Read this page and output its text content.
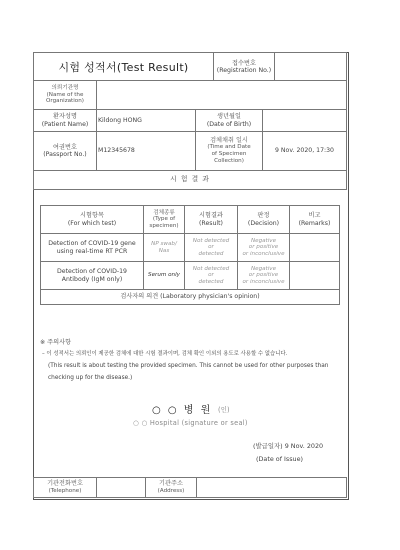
시험 성적서(Test Result)	접수번호
(Registration No.)
의뢰기관명
(Name of the
Organization)
환자성명
(Patient Name)
Kildong HONG
생년월일
(Date of Birth)
여권번호
(Passport No.)
M12345678
검체채취 일시
(Time and Date
of Specimen
Collection)
9 Nov. 2020, 17:30
시 험 결 과
시험항목
(For which test)
검체종류
(Type of
specimen)
시험결과
(Result)
판정
(Decision)
비고
(Remarks)
Detection of COVID-19 gene
using real-time RT PCR
NP swab/
Nas
Not detected
or
detected
Negative
or positive
or inconclusive
Detection of COVID-19
Antibody (IgM only)
Serum only
Not detected
or
detected
Negative
or positive
or inconclusive
검사자의 의견 (Laboratory physician's opinion)
※ 주의사항
– 이 성적서는 의뢰인이 제공한 검체에 대한 시험 결과이며, 검체 확인 이외의 용도로 사용할 수 없습니다.
(This result is about testing the provided specimen. This cannot be used for other purposes than
checking up for the disease.)
○ ○ 병 원 (인)
○ ○ Hospital (signature or seal)
(발급일자) 9 Nov. 2020
(Date of Issue)
기관전화번호
(Telephone)
기관주소
(Address)
